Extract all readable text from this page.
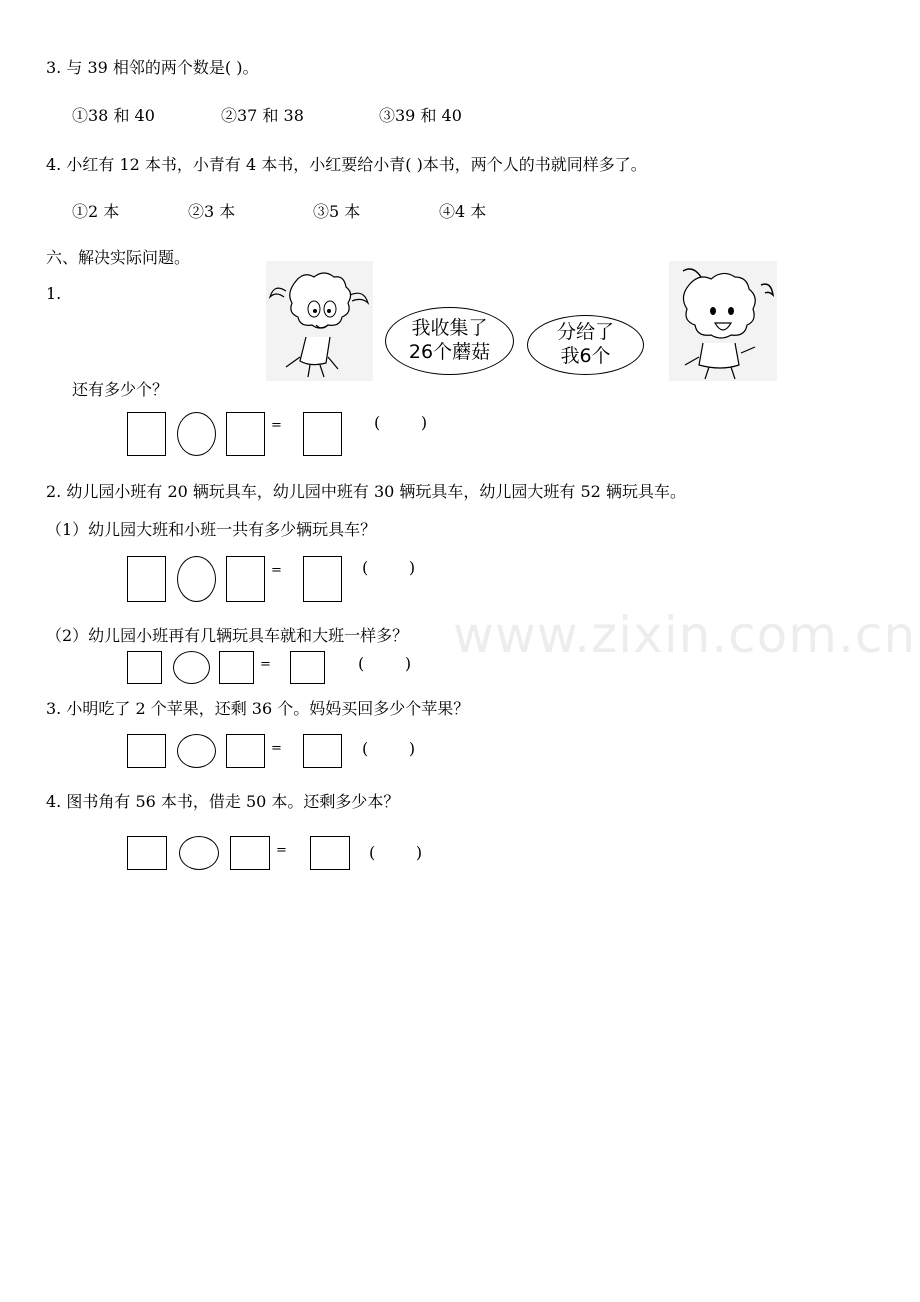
3. 与 39 相邻的两个数是( )。
①38 和 40	②37 和 38	③39 和 40
4. 小红有 12 本书，小青有 4 本书，小红要给小青( )本书，两个人的书就同样多了。
①2 本	②3 本	③5 本	④4 本
六、解决实际问题。
1.
我收集了
26个蘑菇
分给了
我6个
还有多少个？
=	(        )
2. 幼儿园小班有 20 辆玩具车，幼儿园中班有 30 辆玩具车，幼儿园大班有 52 辆玩具车。
（1）幼儿园大班和小班一共有多少辆玩具车？
=	(        )
www.zixin.com.cn
（2）幼儿园小班再有几辆玩具车就和大班一样多？
=	(        )
3. 小明吃了 2 个苹果，还剩 36 个。妈妈买回多少个苹果？
=	(        )
4. 图书角有 56 本书，借走 50 本。还剩多少本？
=	(        )
